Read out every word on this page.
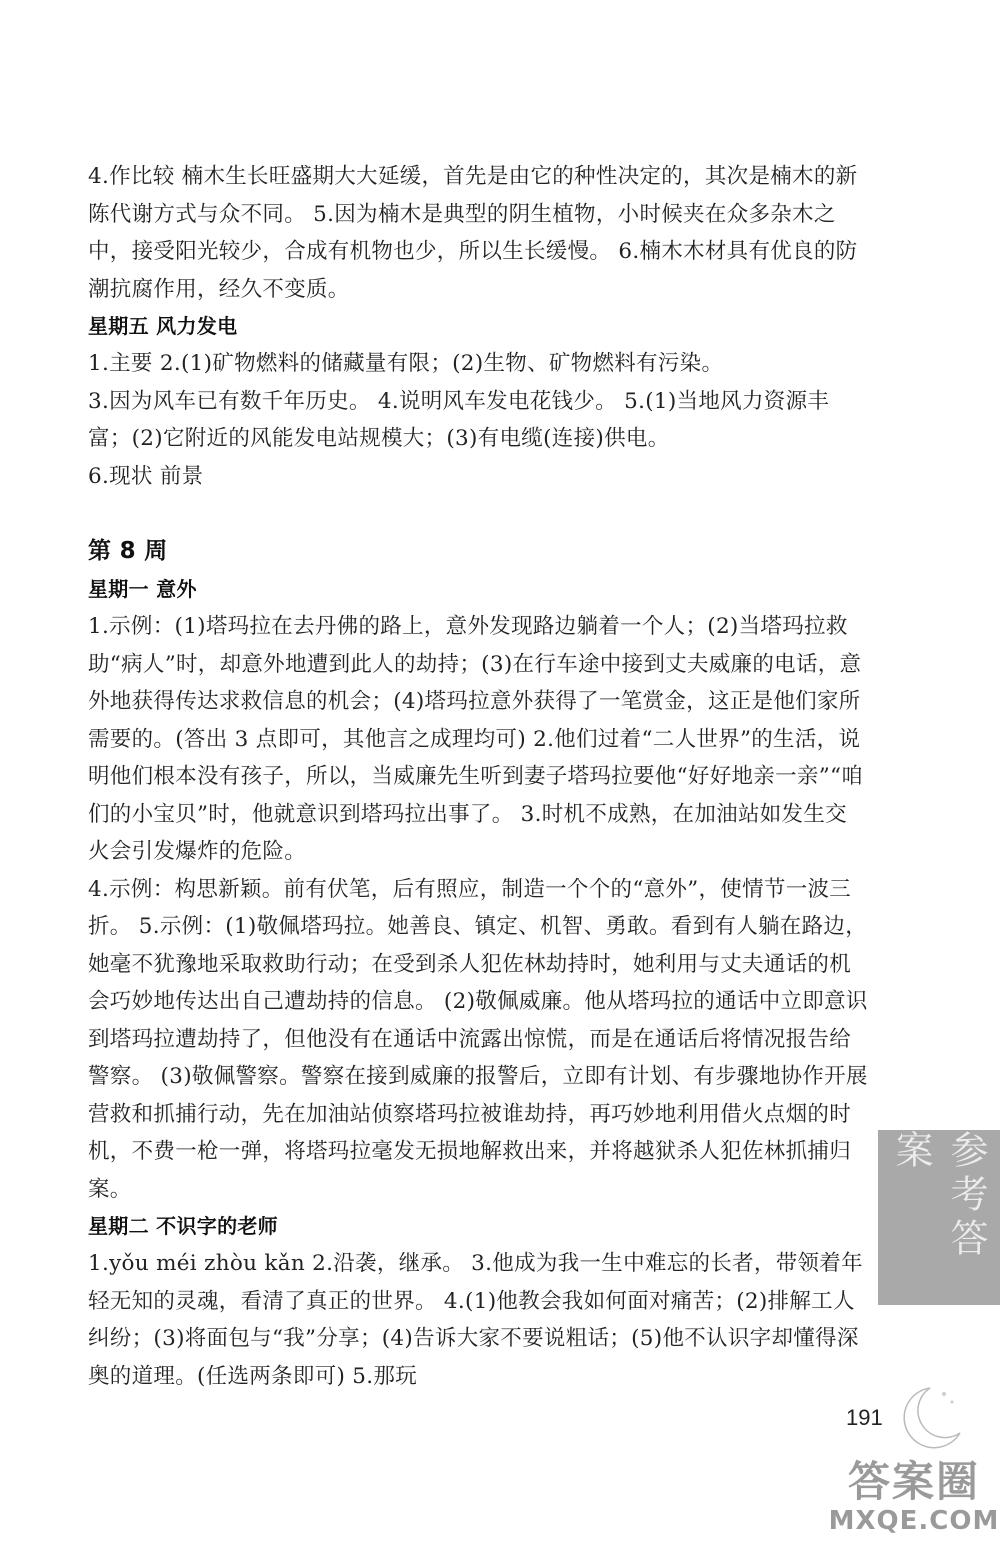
4.作比较 楠木生长旺盛期大大延缓，首先是由它的种性决定的，其次是楠木的新陈代谢方式与众不同。 5.因为楠木是典型的阴生植物，小时候夹在众多杂木之中，接受阳光较少，合成有机物也少，所以生长缓慢。 6.楠木木材具有优良的防潮抗腐作用，经久不变质。

星期五 风力发电

1.主要 2.(1)矿物燃料的储藏量有限；(2)生物、矿物燃料有污染。

3.因为风车已有数千年历史。 4.说明风车发电花钱少。 5.(1)当地风力资源丰富；(2)它附近的风能发电站规模大；(3)有电缆(连接)供电。

6.现状 前景

第 8 周

星期一 意外

1.示例：(1)塔玛拉在去丹佛的路上，意外发现路边躺着一个人；(2)当塔玛拉救助“病人”时，却意外地遭到此人的劫持；(3)在行车途中接到丈夫威廉的电话，意外地获得传达求救信息的机会；(4)塔玛拉意外获得了一笔赏金，这正是他们家所需要的。(答出 3 点即可，其他言之成理均可) 2.他们过着“二人世界”的生活，说明他们根本没有孩子，所以，当威廉先生听到妻子塔玛拉要他“好好地亲一亲”“咱们的小宝贝”时，他就意识到塔玛拉出事了。 3.时机不成熟，在加油站如发生交火会引发爆炸的危险。

4.示例：构思新颖。前有伏笔，后有照应，制造一个个的“意外”，使情节一波三折。 5.示例：(1)敬佩塔玛拉。她善良、镇定、机智、勇敢。看到有人躺在路边，她毫不犹豫地采取救助行动；在受到杀人犯佐林劫持时，她利用与丈夫通话的机会巧妙地传达出自己遭劫持的信息。 (2)敬佩威廉。他从塔玛拉的通话中立即意识到塔玛拉遭劫持了，但他没有在通话中流露出惊慌，而是在通话后将情况报告给警察。 (3)敬佩警察。警察在接到威廉的报警后，立即有计划、有步骤地协作开展营救和抓捕行动，先在加油站侦察塔玛拉被谁劫持，再巧妙地利用借火点烟的时机，不费一枪一弹，将塔玛拉毫发无损地解救出来，并将越狱杀人犯佐林抓捕归案。

星期二 不识字的老师

1.yǒu méi zhòu kǎn 2.沿袭，继承。 3.他成为我一生中难忘的长者，带领着年轻无知的灵魂，看清了真正的世界。 4.(1)他教会我如何面对痛苦；(2)排解工人纠纷；(3)将面包与“我”分享；(4)告诉大家不要说粗话；(5)他不认识字却懂得深奥的道理。(任选两条即可) 5.那玩

参考答案
191
答案圈
MXQE.COM
